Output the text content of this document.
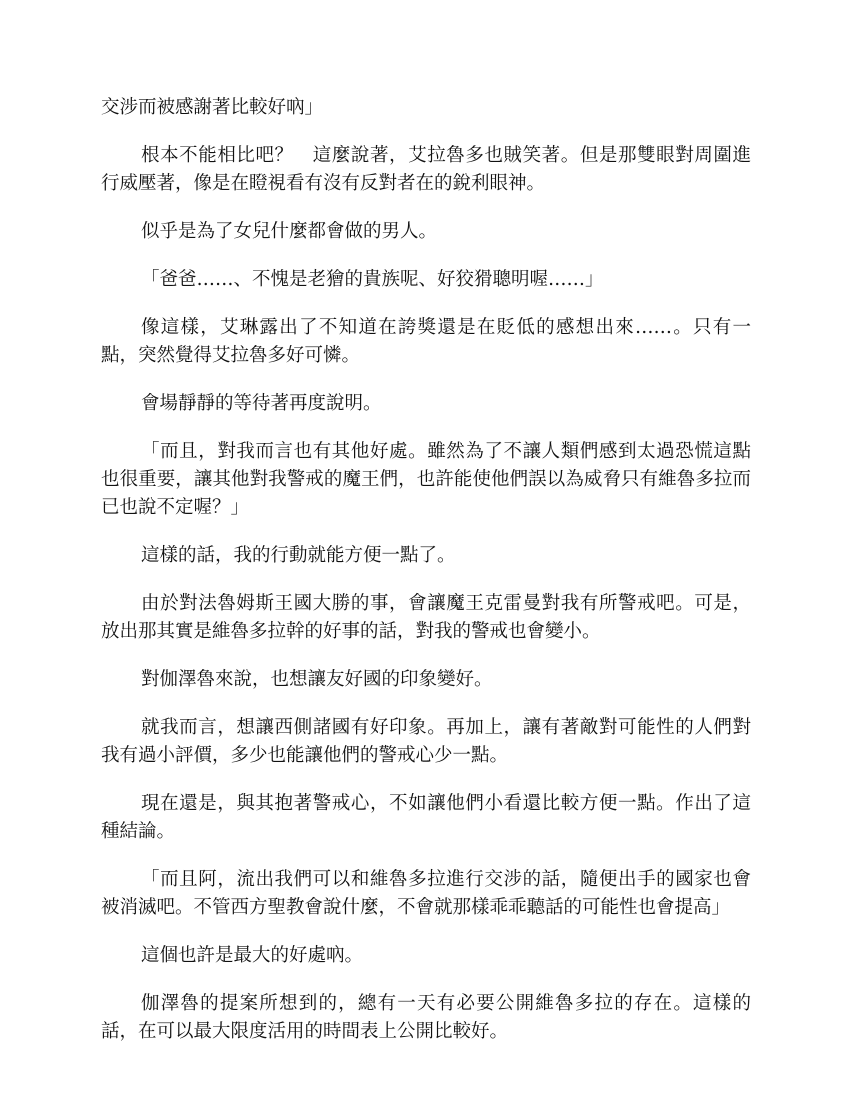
交涉而被感謝著比較好吶」

根本不能相比吧？　這麼說著，艾拉魯多也賊笑著。但是那雙眼對周圍進行威壓著，像是在瞪視看有沒有反對者在的銳利眼神。

似乎是為了女兒什麼都會做的男人。

「爸爸……、不愧是老獪的貴族呢、好狡猾聰明喔……」

像這樣，艾琳露出了不知道在誇獎還是在貶低的感想出來……。只有一點，突然覺得艾拉魯多好可憐。

會場靜靜的等待著再度說明。

「而且，對我而言也有其他好處。雖然為了不讓人類們感到太過恐慌這點也很重要，讓其他對我警戒的魔王們，也許能使他們誤以為威脅只有維魯多拉而已也說不定喔？」

這樣的話，我的行動就能方便一點了。

由於對法魯姆斯王國大勝的事，會讓魔王克雷曼對我有所警戒吧。可是，放出那其實是維魯多拉幹的好事的話，對我的警戒也會變小。

對伽澤魯來說，也想讓友好國的印象變好。

就我而言，想讓西側諸國有好印象。再加上，讓有著敵對可能性的人們對我有過小評價，多少也能讓他們的警戒心少一點。

現在還是，與其抱著警戒心，不如讓他們小看還比較方便一點。作出了這種結論。

「而且阿，流出我們可以和維魯多拉進行交涉的話，隨便出手的國家也會被消滅吧。不管西方聖教會說什麼，不會就那樣乖乖聽話的可能性也會提高」

這個也許是最大的好處吶。

伽澤魯的提案所想到的，總有一天有必要公開維魯多拉的存在。這樣的話，在可以最大限度活用的時間表上公開比較好。
